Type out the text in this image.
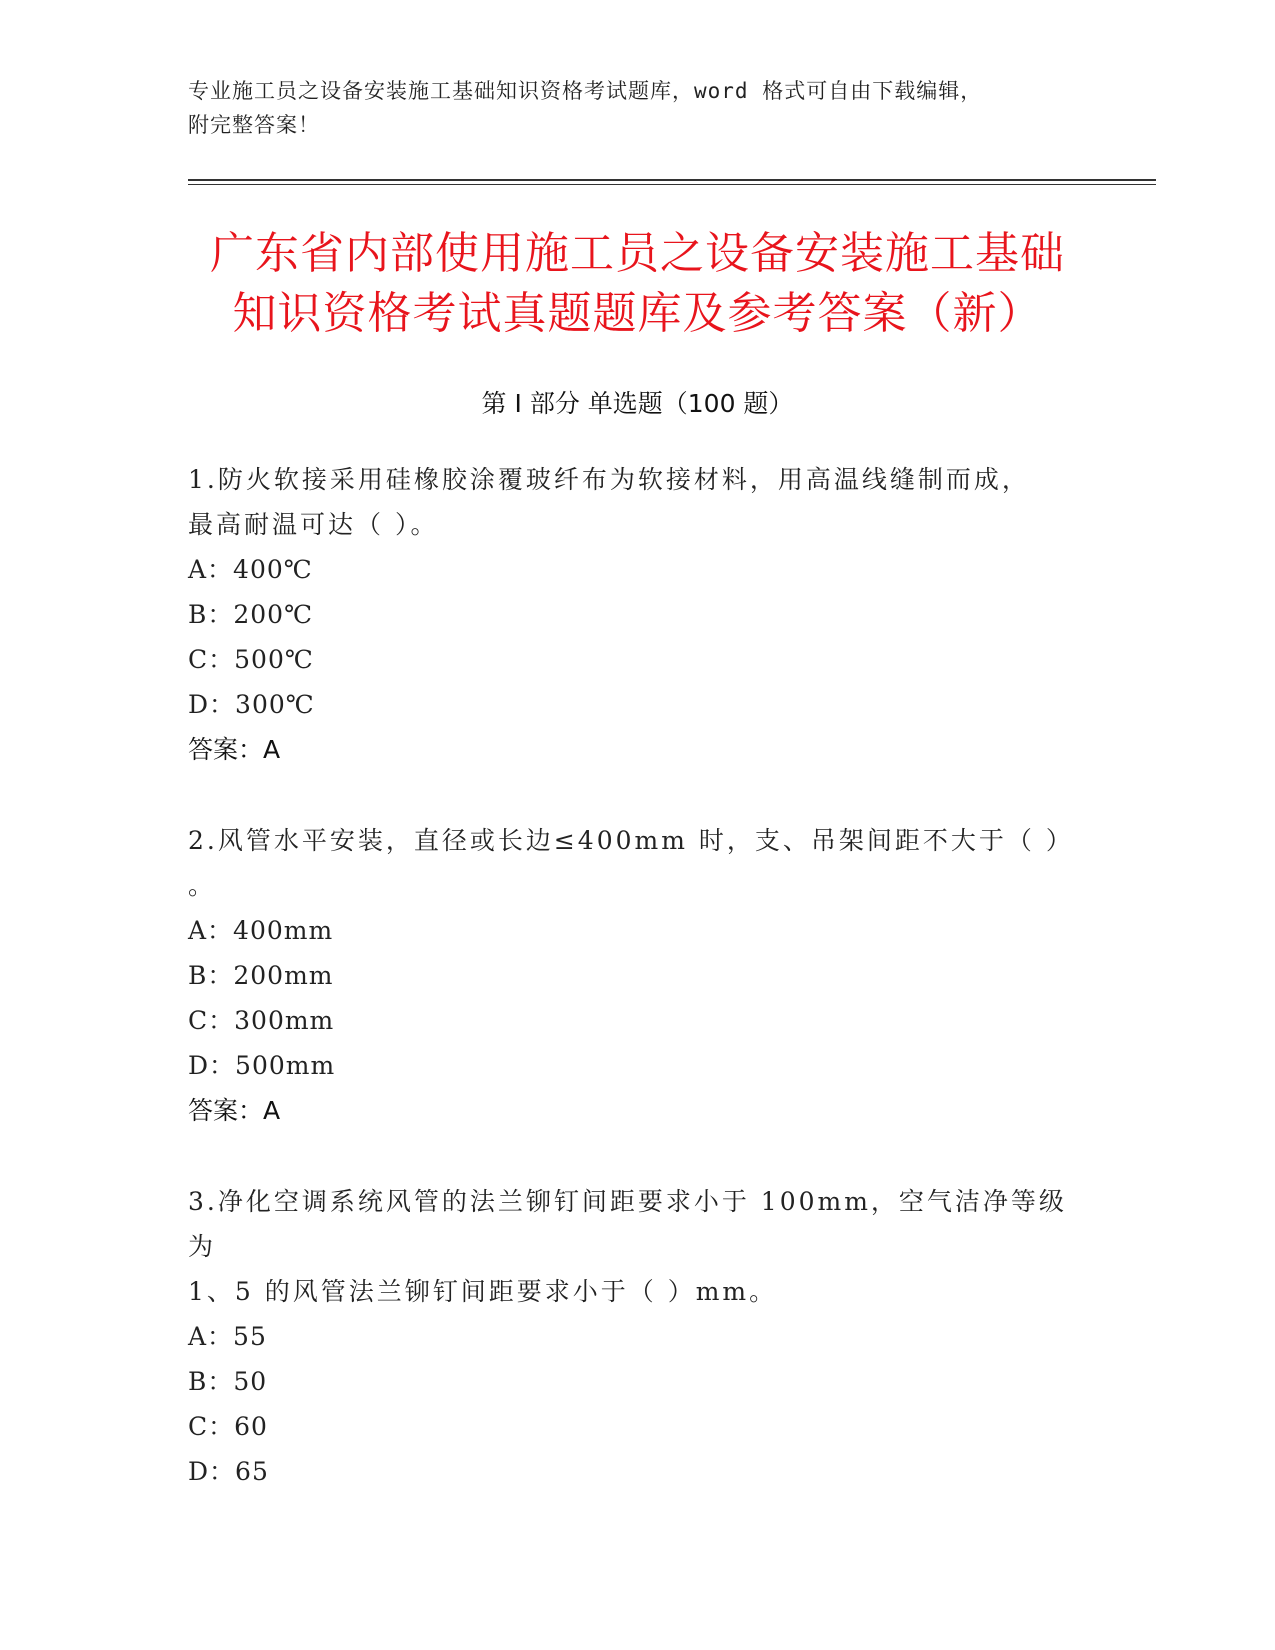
专业施工员之设备安装施工基础知识资格考试题库，word 格式可自由下载编辑，
附完整答案！
广东省内部使用施工员之设备安装施工基础
知识资格考试真题题库及参考答案（新）
第 I 部分 单选题（100 题）
1.防火软接采用硅橡胶涂覆玻纤布为软接材料，用高温线缝制而成，
最高耐温可达（ ）。
A：400℃
B：200℃
C：500℃
D：300℃
答案：A
2.风管水平安装，直径或长边≤400mm 时，支、吊架间距不大于（ ）
。
A：400mm
B：200mm
C：300mm
D：500mm
答案：A
3.净化空调系统风管的法兰铆钉间距要求小于 100mm，空气洁净等级为
1、5 的风管法兰铆钉间距要求小于（ ）mm。
A：55
B：50
C：60
D：65
